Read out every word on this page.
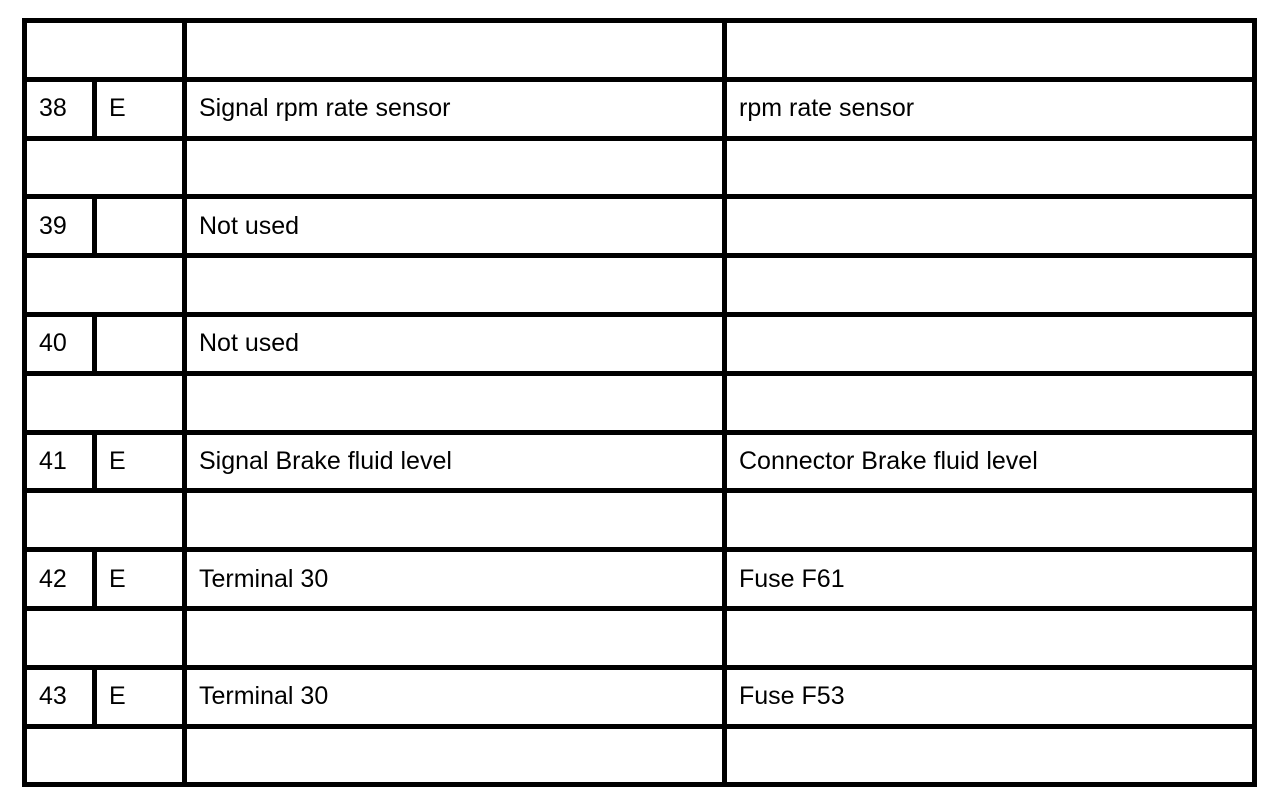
38	E	Signal rpm rate sensor	rpm rate sensor

39		Not used	

40		Not used	

41	E	Signal Brake fluid level	Connector Brake fluid level

42	E	Terminal 30	Fuse F61

43	E	Terminal 30	Fuse F53
